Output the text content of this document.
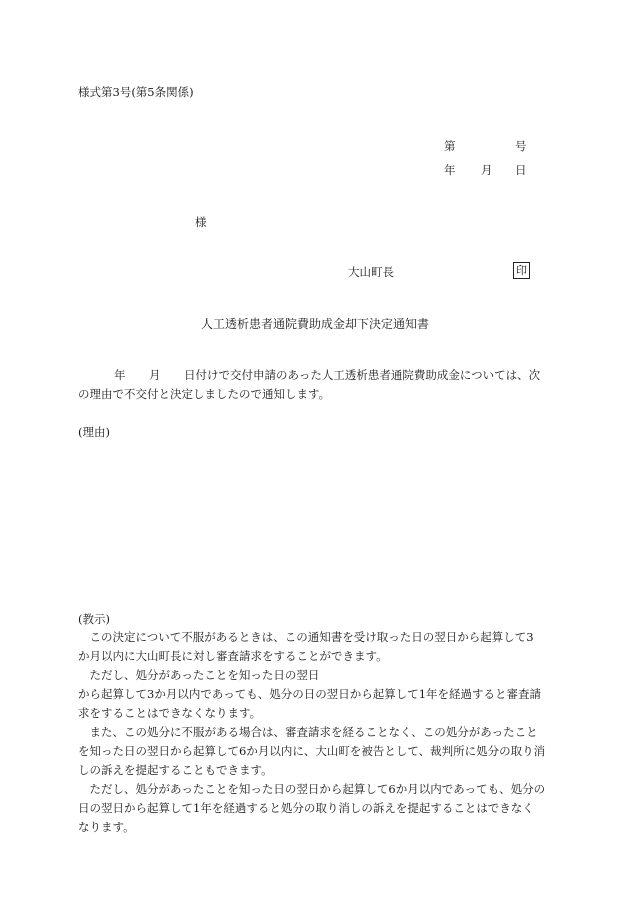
様式第3号(第5条関係)
第	号
年 月 日
様
大山町長	印
人工透析患者通院費助成金却下決定通知書
年 月 日付けで交付申請のあった人工透析患者通院費助成金については、次
の理由で不交付と決定しましたので通知します。
(理由)
(教示)

　この決定について不服があるときは、この通知書を受け取った日の翌日から起算して3

か月以内に大山町長に対し審査請求をすることができます。

　ただし、処分があったことを知った日の翌日

から起算して3か月以内であっても、処分の日の翌日から起算して1年を経過すると審査請

求をすることはできなくなります。

　また、この処分に不服がある場合は、審査請求を経ることなく、この処分があったこと

を知った日の翌日から起算して6か月以内に、大山町を被告として、裁判所に処分の取り消

しの訴えを提起することもできます。

　ただし、処分があったことを知った日の翌日から起算して6か月以内であっても、処分の

日の翌日から起算して1年を経過すると処分の取り消しの訴えを提起することはできなく

なります。
